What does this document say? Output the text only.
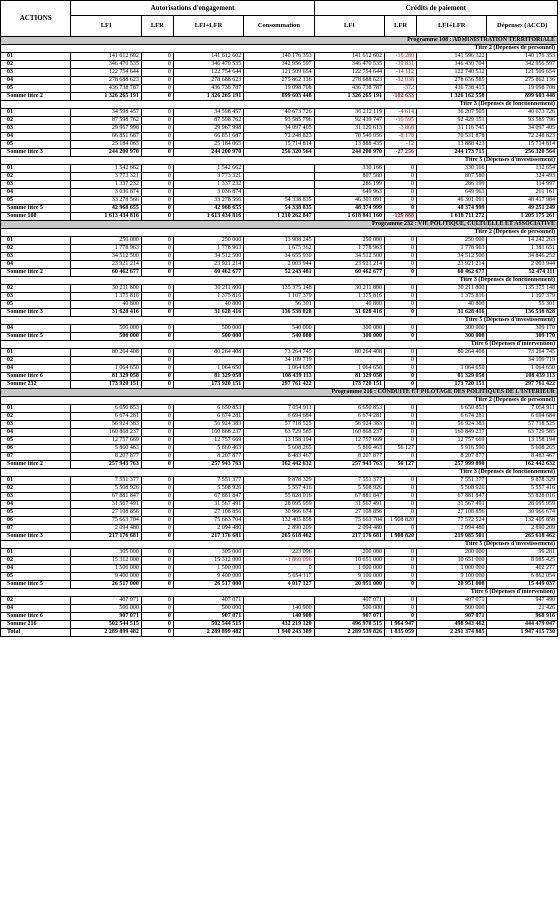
ACTIONS	Autorisations d'engagement				Crédits de paiement			
	LFI	LFR	LFI+LFR	Consommation	LFI	LFR	LFI+LFR	Dépenses (ACCD)
Programme 108 : ADMINISTRATION TERRITORIALE								
Titre 2 (Dépenses de personnel)								
01	141 612 602	0	141 612 602	140 176 353	141 612 602	-16 280	141 596 322	140 176 353
02	346 470 535	0	346 470 535	342 956 597	346 470 535	-39 831	346 430 704	342 956 597
03	122 754 644	0	122 754 644	121 509 654	122 754 644	-14 112	122 740 532	121 509 654
04	278 688 623	0	278 688 623	275 862 136	278 688 623	-32 038	278 656 585	275 862 136
05	436 738 787	0	436 738 787	19 098 708	436 738 787	-372	436 738 415	19 098 708
Somme titre 2	1 326 265 191	0	1 326 265 191	899 603 448	1 326 265 191	-102 633	1 326 162 558	899 603 448
Titre 3 (Dépenses de fonctionnement)								
01	34 598 457	0	34 598 457	40 673 726	36 212 119	-4 614	36 207 505	40 673 726
02	87 598 762	0	87 598 762	93 585 796	92 439 747	-10 595	92 429 151	93 585 796
03	29 967 998	0	29 967 998	34 097 405	31 120 613	-3 868	31 116 745	34 097 405
04	66 851 687	0	66 851 687	72 248 823	70 540 056	-8 178	70 531 878	72 248 823
05	25 184 065	0	25 184 065	15 714 814	13 888 435	-12	13 888 423	15 714 814
Somme titre 3	244 200 970	0	244 200 970	256 320 564	244 200 970	-27 256	244 173 715	256 320 564
Titre 5 (Dépenses d'investissement)								
01	1 542 662	0	1 542 662		330 166	0	330 166	132 654
02	3 773 321	0	3 773 321		807 580	0	807 580	324 493
03	1 337 232	0	1 337 232		286 199	0	286 199	114 997
04	3 036 874	0	3 036 874		649 963	0	649 963	261 161
05	33 278 566	0	33 278 566	54 338 835	46 301 091	0	46 301 091	48 417 984
Somme titre 5	42 968 655	0	42 968 655	54 338 835	48 374 999	0	48 374 999	49 251 249
Somme 108	1 613 434 816	0	1 613 434 816	1 210 262 847	1 618 841 160	-129 888	1 618 711 272	1 205 175 261
Programme 232 : VIE POLITIQUE, CULTUELLE ET ASSOCIATIVE								
Titre 2 (Dépenses de personnel)								
01	250 000	0	250 000	13 908 245	250 000	0	250 000	14 242 263
02	1 778 963	0	1 778 963	1 675 362	1 778 963	0	1 778 963	1 381 651
03	34 512 500	0	34 512 500	34 655 930	34 512 500	0	34 512 500	34 846 252
04	23 921 214	0	23 921 214	2 003 944	23 921 214	0	23 921 214	2 003 944
Somme titre 2	60 462 677	0	60 462 677	52 243 481	60 462 677	0	60 462 677	52 474 111
Titre 3 (Dépenses de fonctionnement)								
02	30 211 800	0	30 211 800	135 375 148	30 211 800	0	30 211 800	135 375 148
03	1 375 816	0	1 375 816	1 107 379	1 375 816	0	1 375 816	1 107 379
05	40 800	0	40 800	56 301	40 800	0	40 800	55 301
Somme titre 3	31 628 416	0	31 628 416	136 538 828	31 628 416	0	31 628 416	136 538 828
Titre 5 (Dépenses d'investissement)								
04	500 000	0	500 000	540 000	300 000	0	300 000	309 170
Somme titre 5	500 000	0	500 000	540 000	300 000	0	300 000	309 170
Titre 6 (Dépenses d'intervention)								
01	80 264 408	0	80 264 408	73 264 745	80 264 408	0	80 264 408	73 264 745
02		0		34 109 719		0		34 109 719
04	1 064 650	0	1 064 650	1 064 650	1 064 650	0	1 064 650	1 064 650
Somme titre 6	81 329 058	0	81 329 058	108 439 113	81 329 058	0	81 329 058	108 439 113
Somme 232	173 920 151	0	173 920 151	297 761 422	173 720 151	0	173 720 151	297 761 422
Programme 216 : CONDUITE ET PILOTAGE DES POLITIQUES DE L'INTÉRIEUR								
Titre 2 (Dépenses de personnel)								
01	6 650 853	0	6 650 853	7 054 911	6 650 853	0	6 650 853	7 054 911
02	6 674 281	0	6 674 281	6 694 684	6 674 281	0	6 674 281	6 694 684
03	56 924 383	0	56 924 383	57 718 525	56 924 383	0	56 924 383	57 718 525
04	160 868 237	0	160 868 237	63 729 585	160 868 237	0	160 849 237	63 729 585
05	12 757 669	0	12 757 669	13 158 194	12 757 669	0	12 757 669	13 158 194
06	5 860 463	0	5 860 463	5 608 265	5 860 463	56 127	5 916 590	5 608 265
07	8 207 877	0	8 207 877	8 483 467	8 207 877	0	8 207 877	8 483 467
Somme titre 2	257 943 763	0	257 943 763	162 442 632	257 943 763	56 127	257 999 890	162 442 632
Titre 3 (Dépenses de fonctionnement)								
01	7 551 377	0	7 551 377	9 878 329	7 551 377	0	7 551 377	9 878 329
02	5 508 926	0	5 508 926	5 557 416	5 508 926	0	5 508 926	5 557 416
03	67 881 847	0	67 881 847	55 828 016	67 881 847	0	67 881 847	55 828 016
04	31 567 491	0	31 567 491	28 095 959	31 567 491	0	31 567 491	28 095 959
05	27 108 856	0	27 108 856	30 966 674	27 108 856	0	27 108 856	30 966 674
06	75 663 704	0	75 663 704	132 405 858	75 663 704	1 908 820	77 572 524	132 405 858
07	2 094 480	0	2 094 480	2 890 209	2 094 480	0	2 094 480	2 890 209
Somme titre 3	217 176 681	0	217 176 681	265 618 462	217 176 681	1 908 820	219 085 501	265 618 462
Titre 5 (Dépenses d'investissement)								
01	305 000	0	305 000	223 096	200 000	0	200 000	99 281
02	15 312 000	0	15 312 000	-1 860 096	10 651 000	0	10 651 000	8 085 425
04	1 500 000	0	1 500 000	0	1 000 000	0	1 000 000	402 277
05	9 400 000	0	9 400 000	5 654 117	9 100 000	0	9 100 000	6 862 054
Somme titre 5	26 517 000	0	26 517 000	4 017 127	20 951 000	0	20 951 000	15 449 037
Titre 6 (Dépenses d'intervention)								
02	407 071	0	407 071		407 071	0	407 071	947 490
04	500 000	0	500 000	140 900	500 000	0	500 000	21 426
Somme titre 6	907 071	0	907 071	140 900	907 071	0	907 071	968 916
Somme 216	502 544 515	0	502 544 515	432 219 120	496 978 515	1 964 947	498 943 462	444 479 047
Total	2 289 899 482	0	2 289 899 482	1 940 243 389	2 289 539 826	1 835 059	2 291 374 885	1 947 415 730
